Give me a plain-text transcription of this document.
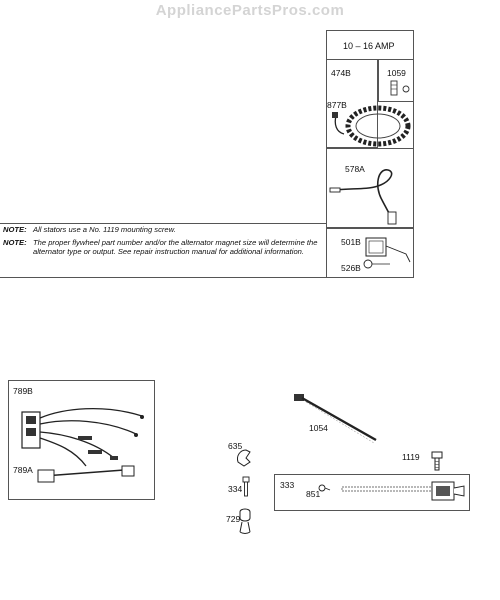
AppliancePartsPros.com
10 – 16 AMP
474B	1059
877B
578A
501B
526B
NOTE: All stators use a No. 1119 mounting screw.
NOTE: The proper flywheel part number and/or the alternator magnet size will determine the alternator type or output. See repair instruction manual for additional information.
789B
789A
1054
635
1119
334	333
851
729
